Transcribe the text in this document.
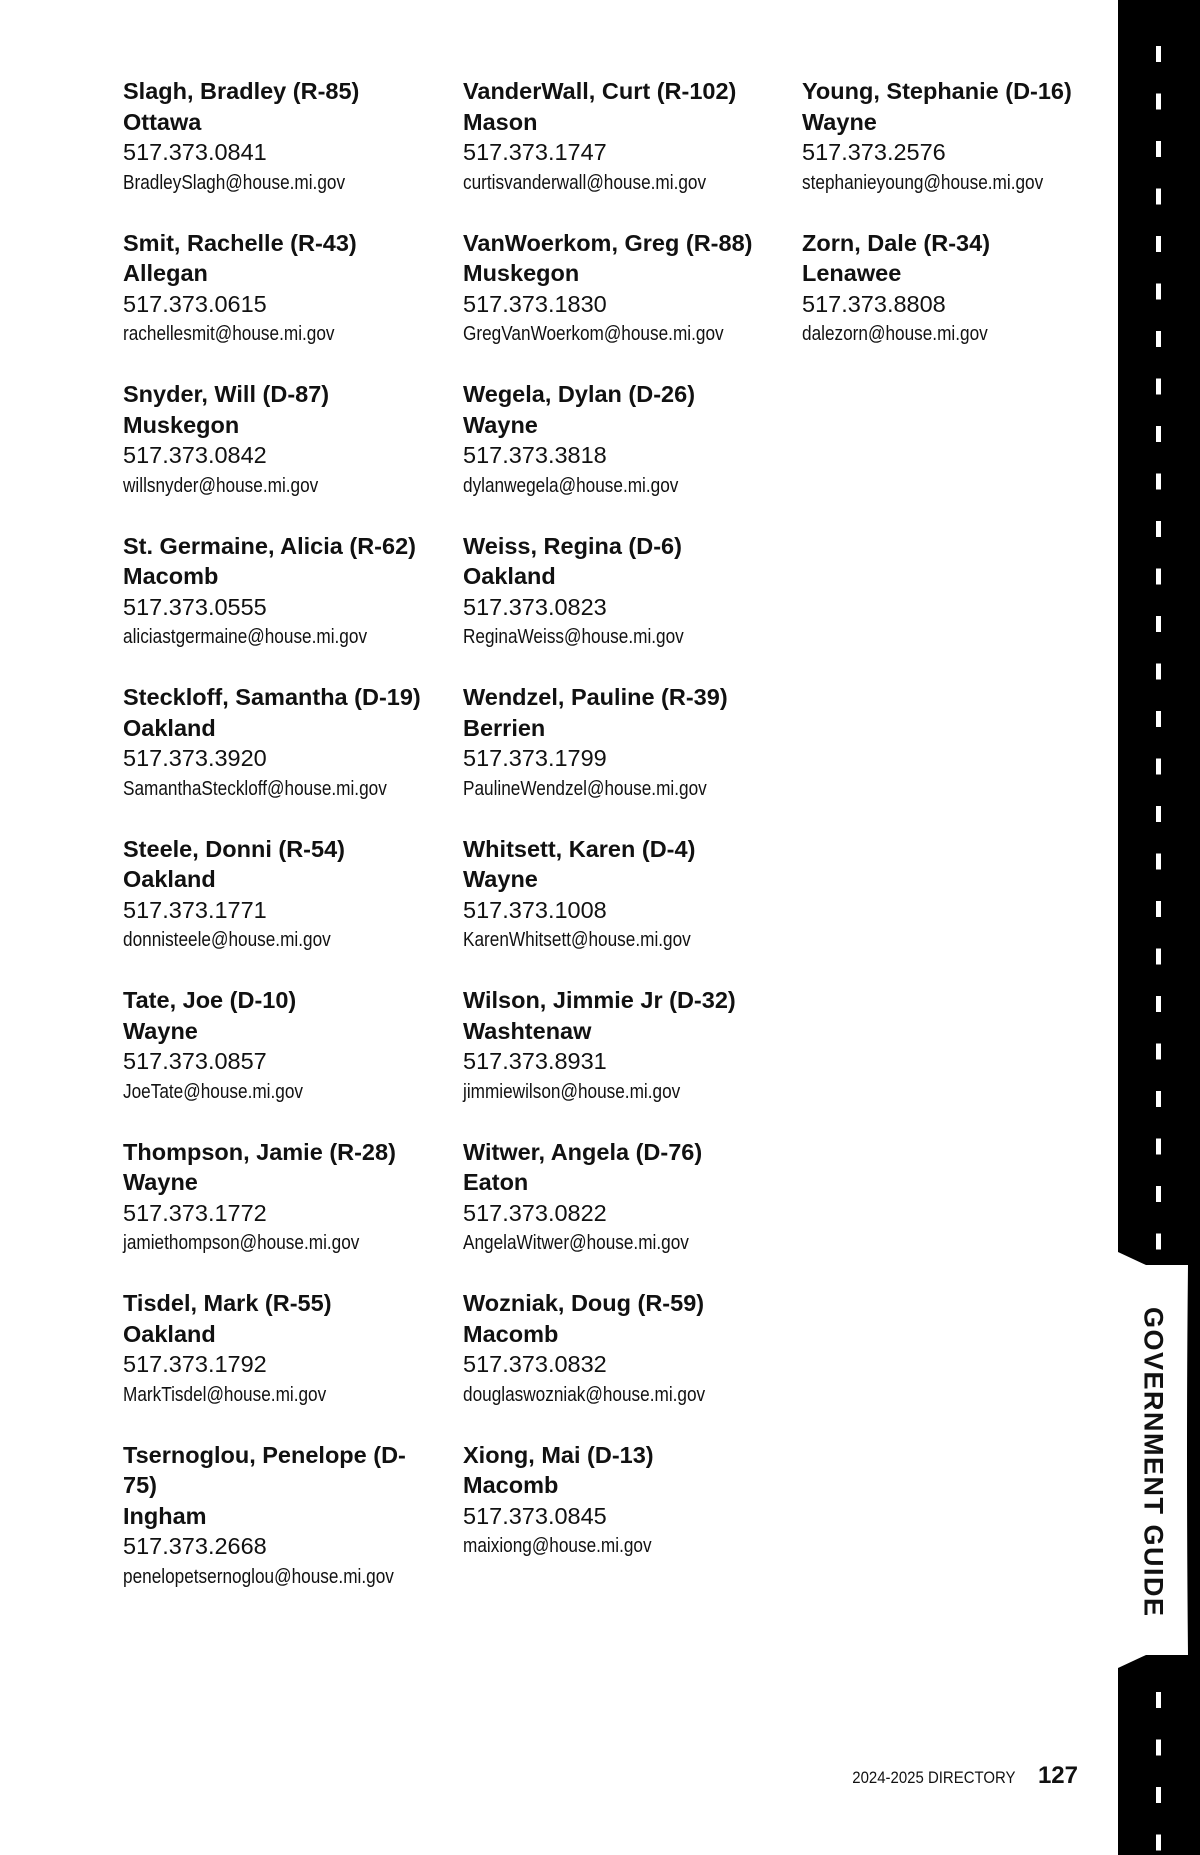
Slagh, Bradley (R-85)
Ottawa
517.373.0841
BradleySlagh@house.mi.gov
Smit, Rachelle (R-43)
Allegan
517.373.0615
rachellesmit@house.mi.gov
Snyder, Will (D-87)
Muskegon
517.373.0842
willsnyder@house.mi.gov
St. Germaine, Alicia (R-62)
Macomb
517.373.0555
aliciastgermaine@house.mi.gov
Steckloff, Samantha (D-19)
Oakland
517.373.3920
SamanthaSteckloff@house.mi.gov
Steele, Donni (R-54)
Oakland
517.373.1771
donnisteele@house.mi.gov
Tate, Joe (D-10)
Wayne
517.373.0857
JoeTate@house.mi.gov
Thompson, Jamie (R-28)
Wayne
517.373.1772
jamiethompson@house.mi.gov
Tisdel, Mark (R-55)
Oakland
517.373.1792
MarkTisdel@house.mi.gov
Tsernoglou, Penelope (D-75)
Ingham
517.373.2668
penelopetsernoglou@house.mi.gov
VanderWall, Curt (R-102)
Mason
517.373.1747
curtisvanderwall@house.mi.gov
VanWoerkom, Greg (R-88)
Muskegon
517.373.1830
GregVanWoerkom@house.mi.gov
Wegela, Dylan (D-26)
Wayne
517.373.3818
dylanwegela@house.mi.gov
Weiss, Regina (D-6)
Oakland
517.373.0823
ReginaWeiss@house.mi.gov
Wendzel, Pauline (R-39)
Berrien
517.373.1799
PaulineWendzel@house.mi.gov
Whitsett, Karen (D-4)
Wayne
517.373.1008
KarenWhitsett@house.mi.gov
Wilson, Jimmie Jr (D-32)
Washtenaw
517.373.8931
jimmiewilson@house.mi.gov
Witwer, Angela (D-76)
Eaton
517.373.0822
AngelaWitwer@house.mi.gov
Wozniak, Doug (R-59)
Macomb
517.373.0832
douglaswozniak@house.mi.gov
Xiong, Mai (D-13)
Macomb
517.373.0845
maixiong@house.mi.gov
Young, Stephanie (D-16)
Wayne
517.373.2576
stephanieyoung@house.mi.gov
Zorn, Dale (R-34)
Lenawee
517.373.8808
dalezorn@house.mi.gov
GOVERNMENT GUIDE
2024-2025 DIRECTORY 127
